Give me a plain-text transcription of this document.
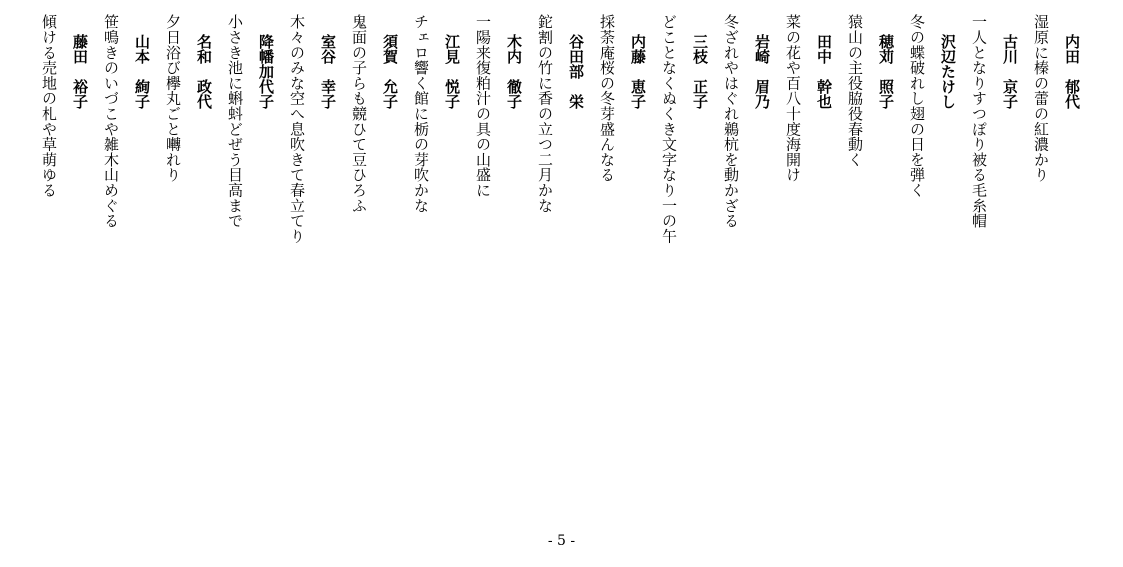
内田　郁代
湿原に榛の蕾の紅濃かり
古川　京子
一人となりすつぽり被る毛糸帽
沢辺たけし
冬の蝶破れし翅の日を弾く
穂苅　照子
猿山の主役脇役春動く
田中　幹也
菜の花や百八十度海開け
岩崎　眉乃
冬ざれやはぐれ鵜杭を動かざる
三枝　正子
どことなくぬくき文字なり一の午
内藤　恵子
採荼庵桜の冬芽盛んなる
谷田部　栄
鉈割の竹に香の立つ二月かな
木内　徹子
一陽来復粕汁の具の山盛に
江見　悦子
チェロ響く館に栃の芽吹かな
須賀　允子
鬼面の子らも競ひて豆ひろふ
室谷　幸子
木々のみな空へ息吹きて春立てり
降幡加代子
小さき池に蝌蚪どぜう目高まで
名和　政代
夕日浴び欅丸ごと囀れり
山本　絢子
笹鳴きのいづこや雑木山めぐる
藤田　裕子
傾ける売地の札や草萌ゆる
- 5 -
